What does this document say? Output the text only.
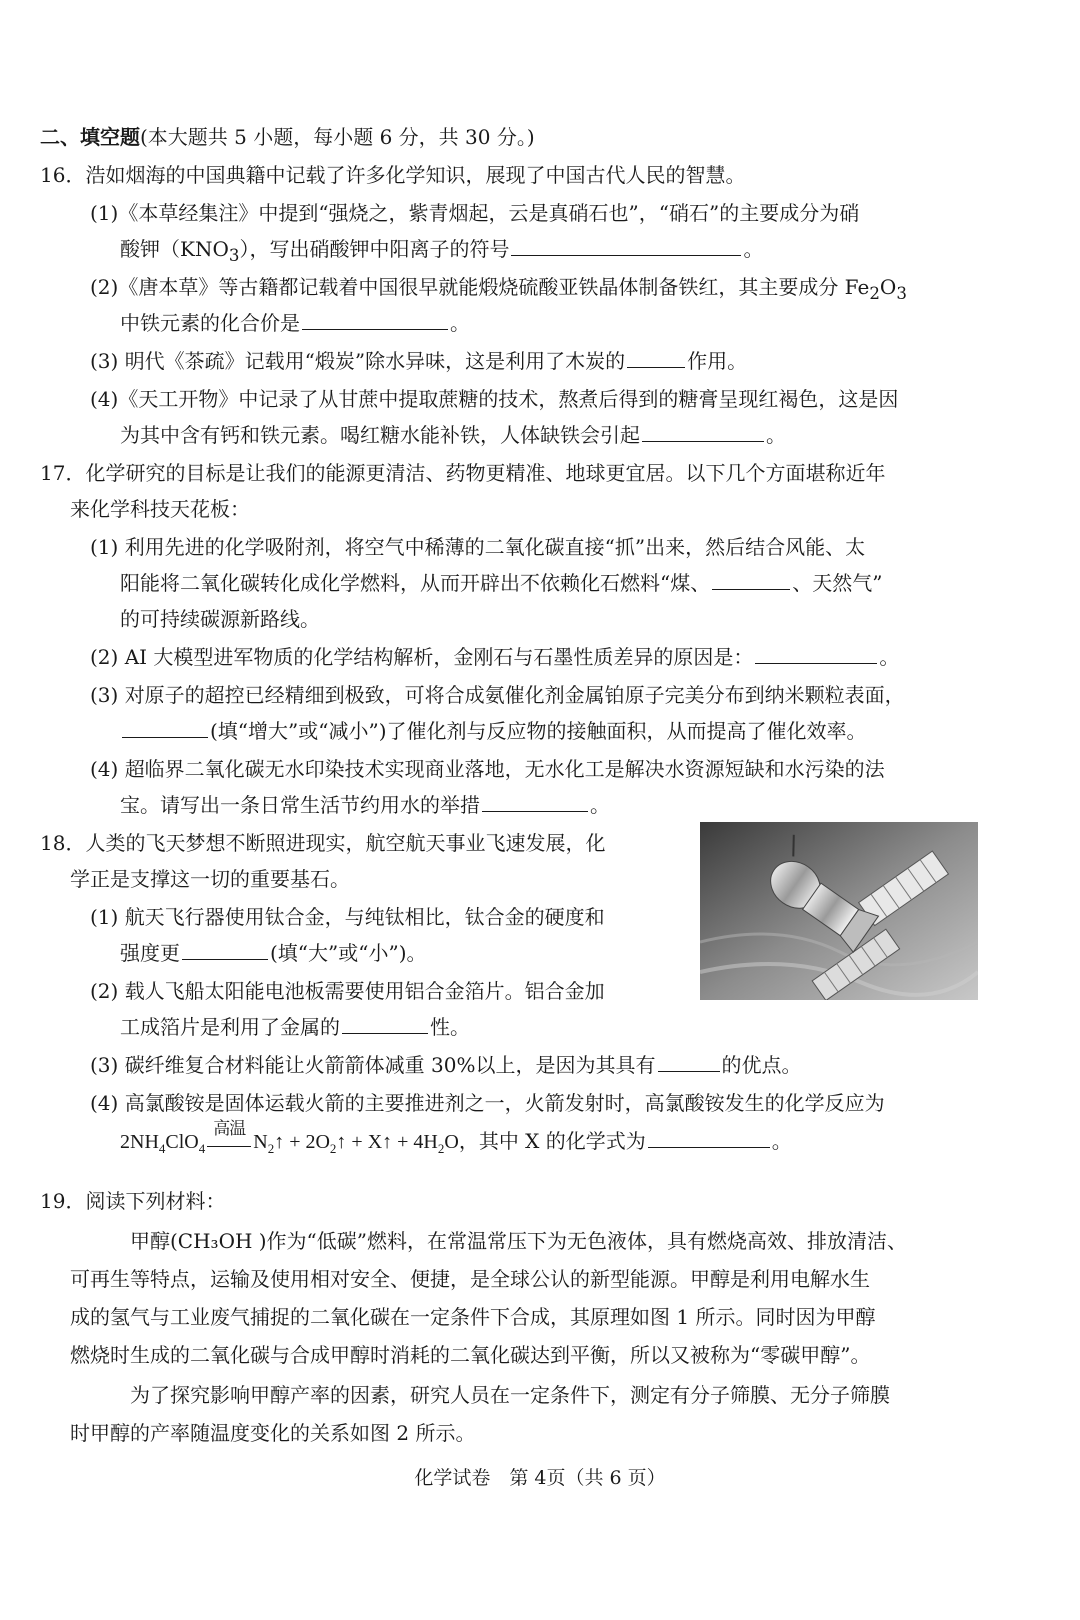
二、填空题(本大题共 5 小题，每小题 6 分，共 30 分。)
16．浩如烟海的中国典籍中记载了许多化学知识，展现了中国古代人民的智慧。
(1)《本草经集注》中提到“强烧之，紫青烟起，云是真硝石也”，“硝石”的主要成分为硝
酸钾$(KNO_3)$，写出硝酸钾中阳离子的符号	。
(2)《唐本草》等古籍都记载着中国很早就能煅烧硫酸亚铁晶体制备铁红，其主要成分 $Fe_2O_3$
中铁元素的化合价是	。
(3) 明代《茶疏》记载用“煅炭”除水异味，这是利用了木炭的	作用。
(4)《天工开物》中记录了从甘蔗中提取蔗糖的技术，熬煮后得到的糖膏呈现红褐色，这是因
为其中含有钙和铁元素。喝红糖水能补铁，人体缺铁会引起	。
17．化学研究的目标是让我们的能源更清洁、药物更精准、地球更宜居。以下几个方面堪称近年
来化学科技天花板：
(1) 利用先进的化学吸附剂，将空气中稀薄的二氧化碳直接“抓”出来，然后结合风能、太
阳能将二氧化碳转化成化学燃料，从而开辟出不依赖化石燃料“煤、	、天然气”
的可持续碳源新路线。
(2) AI 大模型进军物质的化学结构解析，金刚石与石墨性质差异的原因是：	。
(3) 对原子的超控已经精细到极致，可将合成氨催化剂金属铂原子完美分布到纳米颗粒表面，
(填“增大”或“减小”)了催化剂与反应物的接触面积，从而提高了催化效率。
(4) 超临界二氧化碳无水印染技术实现商业落地，无水化工是解决水资源短缺和水污染的法
宝。请写出一条日常生活节约用水的举措	。
18．人类的飞天梦想不断照进现实，航空航天事业飞速发展，化
学正是支撑这一切的重要基石。
(1) 航天飞行器使用钛合金，与纯钛相比，钛合金的硬度和
强度更	(填“大”或“小”)。
(2) 载人飞船太阳能电池板需要使用铝合金箔片。铝合金加
工成箔片是利用了金属的	性。
(3) 碳纤维复合材料能让火箭箭体减重 30%以上，是因为其具有	的优点。
(4) 高氯酸铵是固体运载火箭的主要推进剂之一，火箭发射时，高氯酸铵发生的化学反应为
$2NH_4ClO_4$
高温
$N_2↑$ + $2O_2↑$ + X↑ + $4H_2O$，其中 X 的化学式为	。
19．阅读下列材料：
甲醇(CH₃OH )作为“低碳”燃料，在常温常压下为无色液体，具有燃烧高效、排放清洁、
可再生等特点，运输及使用相对安全、便捷，是全球公认的新型能源。甲醇是利用电解水生
成的氢气与工业废气捕捉的二氧化碳在一定条件下合成，其原理如图 1 所示。同时因为甲醇
燃烧时生成的二氧化碳与合成甲醇时消耗的二氧化碳达到平衡，所以又被称为“零碳甲醇”。
为了探究影响甲醇产率的因素，研究人员在一定条件下，测定有分子筛膜、无分子筛膜
时甲醇的产率随温度变化的关系如图 2 所示。
化学试卷　第 4页（共 6 页）
